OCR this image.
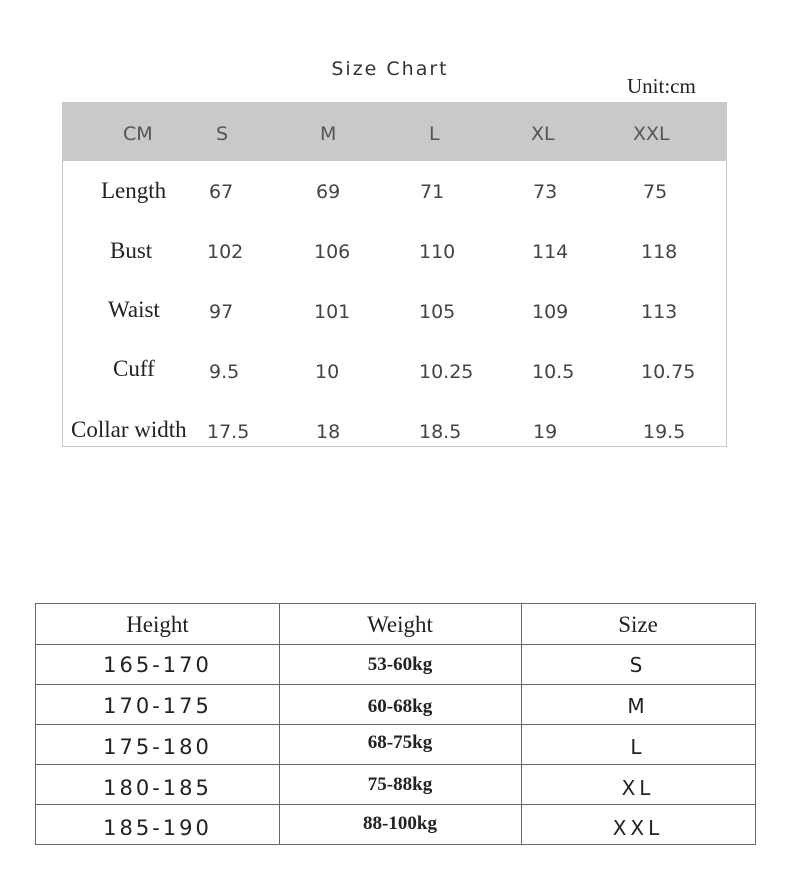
Size Chart
Unit:cm
CM	S	M	L	XL	XXL
Length 67	69	71	73	75
Bust	102	106	110	114	118
Waist	97	101	105	109	113
Cuff	9.5	10	10.25	10.5	10.75
Collar width 17.5	18	18.5	19	19.5
Height	Weight	Size
165-170	53-60kg	S
170-175	60-68kg	M
175-180	68-75kg	L
180-185	75-88kg	XL
185-190	88-100kg	XXL
